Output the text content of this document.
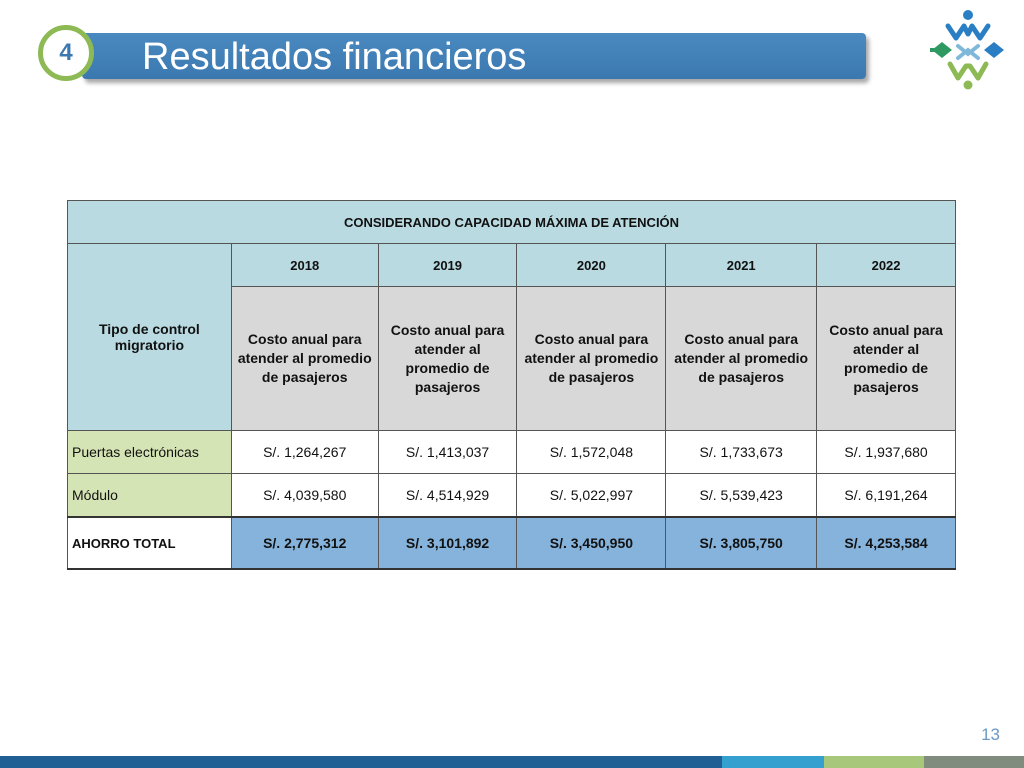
4	Resultados financieros
CONSIDERANDO CAPACIDAD MÁXIMA DE ATENCIÓN					
Tipo de control migratorio	2018	2019	2020	2021	2022
	Costo anual para atender al promedio de pasajeros	Costo anual para atender al promedio de pasajeros	Costo anual para atender al promedio de pasajeros	Costo anual para atender al promedio de pasajeros	Costo anual para atender al promedio de pasajeros
Puertas electrónicas	S/. 1,264,267	S/. 1,413,037	S/. 1,572,048	S/. 1,733,673	S/. 1,937,680
Módulo	S/. 4,039,580	S/. 4,514,929	S/. 5,022,997	S/. 5,539,423	S/. 6,191,264
AHORRO TOTAL	S/. 2,775,312	S/. 3,101,892	S/. 3,450,950	S/. 3,805,750	S/. 4,253,584
13
